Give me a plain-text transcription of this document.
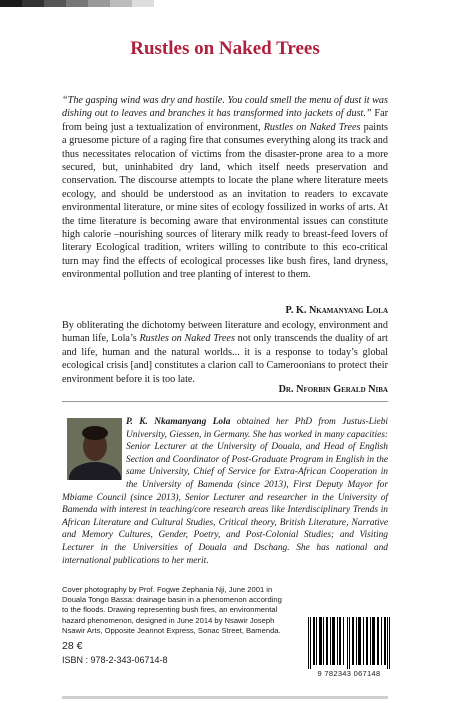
Rustles on Naked Trees
“The gasping wind was dry and hostile. You could smell the menu of dust it was dishing out to leaves and branches it has transformed into jackets of dust.” Far from being just a textualization of environment, Rustles on Naked Trees paints a gruesome picture of a raging fire that consumes everything along its track and thus necessitates relocation of victims from the disaster-prone area to a more secured, but, uninhabited dry land, which itself needs preservation and conservation. The discourse attempts to locate the plane where literature meets ecology, and should be understood as an invitation to readers to excavate environmental literature, or mine sites of ecology fossilized in works of arts. At the time literature is becoming aware that environmental issues can constitute high calorie –nourishing sources of literary milk ready to breast-feed lovers of literary Ecological tradition, writers willing to contribute to this eco-critical turn may find the effects of ecological processes like bush fires, land dryness, environmental pollution and tree planting of interest to them.
P. K. Nkamanyang Lola
By obliterating the dichotomy between literature and ecology, environment and human life, Lola’s Rustles on Naked Trees not only transcends the duality of art and life, human and the natural worlds... it is a response to today’s global ecological crisis [and] constitutes a clarion call to Cameroonians to protect their environment before it is too late.
Dr. Nforbin Gerald Niba
P. K. Nkamanyang Lola obtained her PhD from Justus-Liebi University, Giessen, in Germany. She has worked in many capacities: Senior Lecturer at the University of Douala, and Head of English Section and Coordinator of Post-Graduate Program in English in the same University, Chief of Service for Extra-African Cooperation in the University of Bamenda (since 2013), First Deputy Mayor for Mbiame Council (since 2013), Senior Lecturer and researcher in the University of Bamenda with interest in teaching/core research areas like Interdisciplinary Trends in African Literature and Cultural Studies, Critical theory, British Literature, Narrative and Memory Cultures, Gender, Poetry, and Post-Colonial Studies; and Visiting Lecturer in the Universities of Douala and Dschang. She has national and international publications to her merit.
Cover photography by Prof. Fogwe Zephania Nji, June 2001 in Douala Tongo Bassa: drainage basin in a phenomenon according to the floods. Drawing representing bush fires, an environmental hazard phenomenon, designed in June 2014 by Nsawir Joseph Nsawir Arts, Opposite Jeannot Express, Sonac Street, Bamenda.
28 €
ISBN : 978-2-343-06714-8
9 782343 067148
